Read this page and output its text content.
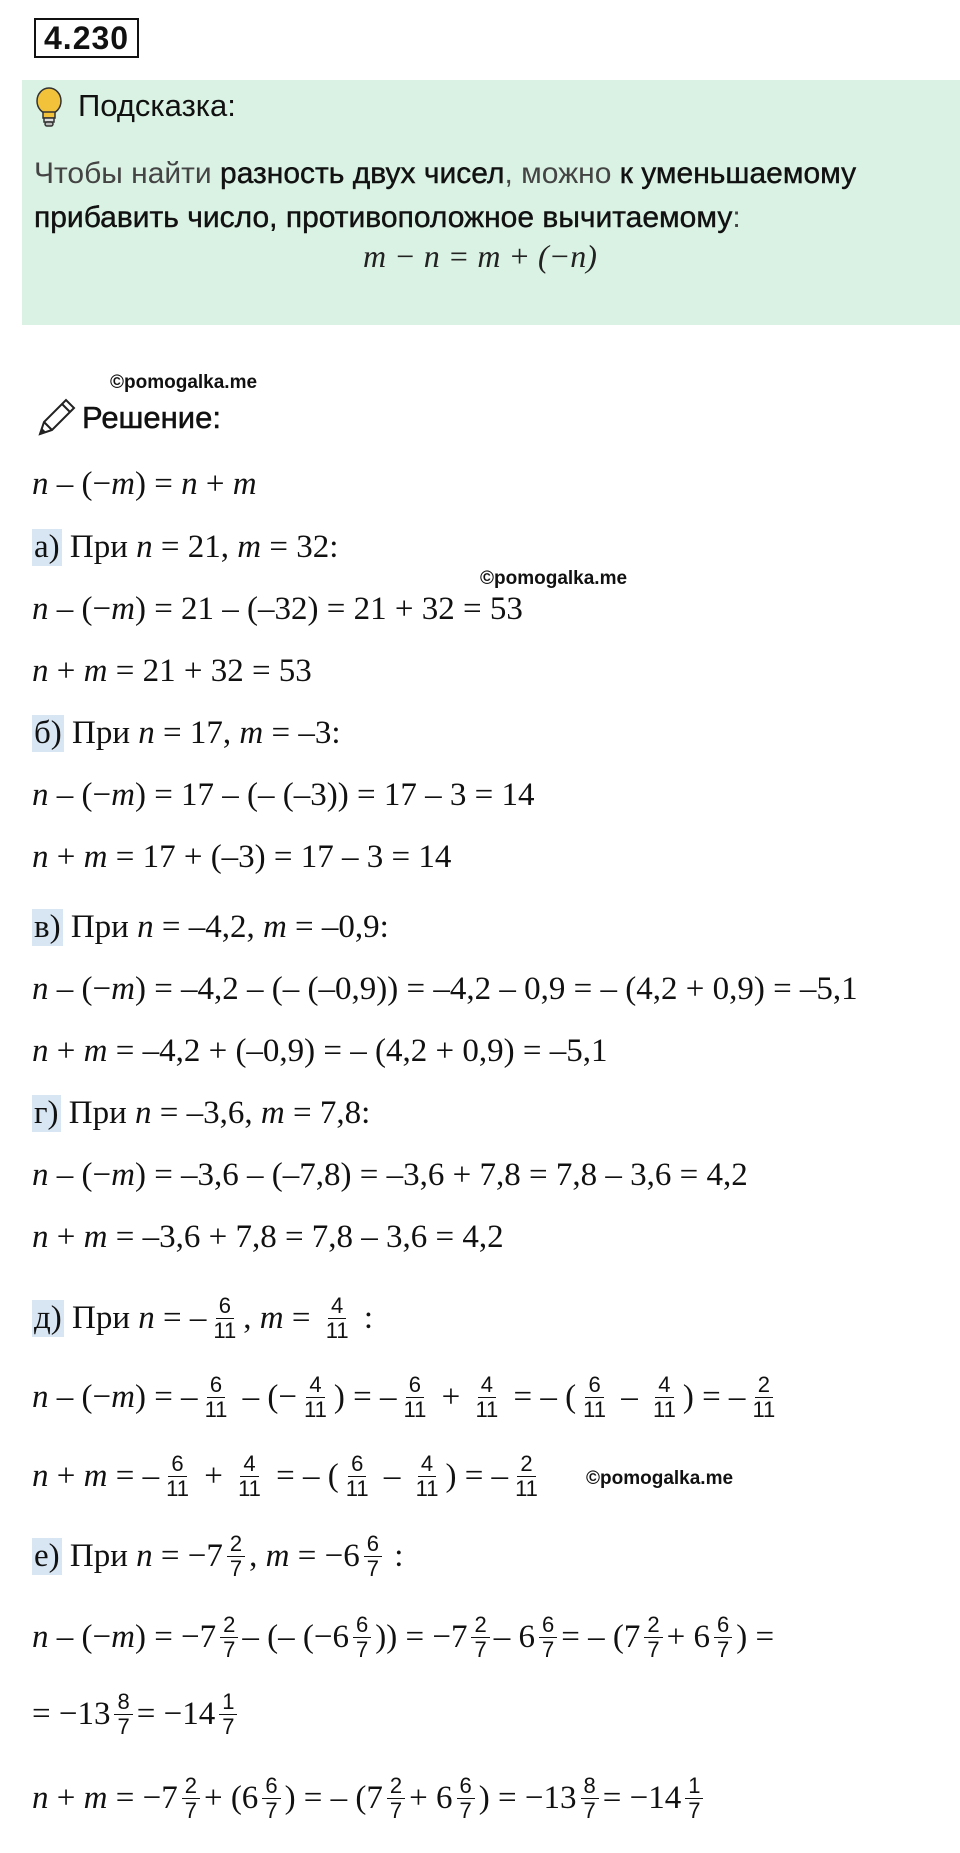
4.230
Подсказка:
Чтобы найти разность двух чисел, можно к уменьшаемому прибавить число, противоположное вычитаемому:
m − n = m + (−n)
©pomogalka.me
Решение:
n – (− m ) = n + m
а) При n = 21, m = 32:
©pomogalka.me
n – (− m ) = 21 – (–32) = 21 + 32 = 53
n + m = 21 + 32 = 53
б) При n = 17, m = –3:
n – (− m ) = 17 – (– (–3)) = 17 – 3 = 14
n + m = 17 + (–3) = 17 – 3 = 14
в) При n = –4,2, m = –0,9:
n – (− m ) = –4,2 – (– (–0,9)) = –4,2 – 0,9 = – (4,2 + 0,9) = –5,1
n + m = –4,2 + (–0,9) = – (4,2 + 0,9) = –5,1
г) При n = –3,6, m = 7,8:
n – (− m ) = –3,6 – (–7,8) = –3,6 + 7,8 = 7,8 – 3,6 = 4,2
n + m = –3,6 + 7,8 = 7,8 – 3,6 = 4,2
д) При n = – $\frac{6}{11}$ , $m = \frac{4}{11}$ :
n – (− m ) = – $\frac{6}{11}$ – (− $\frac{4}{11}$ ) = – $\frac{6}{11} + \frac{4}{11}$ = – ( $\frac{6}{11} - \frac{4}{11}$ ) = – $\frac{2}{11}$
n + m = – $\frac{6}{11} + \frac{4}{11}$ = – ( $\frac{6}{11} - \frac{4}{11}$ ) = – $\frac{2}{11}$ ©pomogalka.me
е) При $n = -7 \frac{2}{7}$ , $m = -6 \frac{6}{7}$ :
n – (− m ) = $-7 \frac{2}{7}$ – (– ($-6 \frac{6}{7}$ )) = $-7 \frac{2}{7} - 6 \frac{6}{7}$ = – ($7 \frac{2}{7} + 6 \frac{6}{7}$ ) =
= $-13 \frac{8}{7} = -14 \frac{1}{7}$
$n + m = -7 \frac{2}{7} + (6 \frac{6}{7}$ ) = – ($7 \frac{2}{7} + 6 \frac{6}{7}$ ) = $-13 \frac{8}{7} = -14 \frac{1}{7}$
